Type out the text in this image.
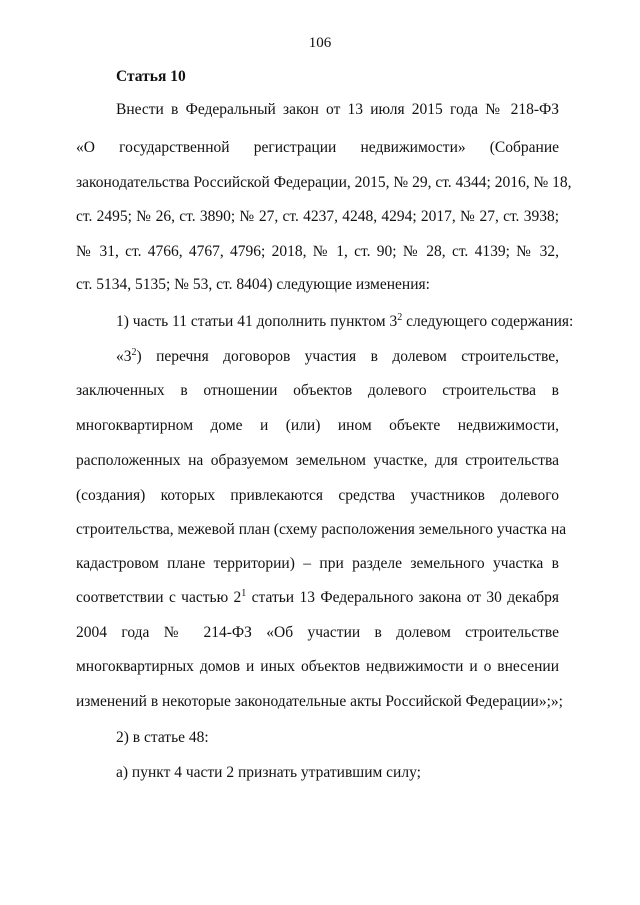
106
Статья 10
Внести в Федеральный закон от 13 июля 2015 года № 218-ФЗ
«О государственной регистрации недвижимости» (Собрание
законодательства Российской Федерации, 2015, № 29, ст. 4344; 2016, № 18,
ст. 2495; № 26, ст. 3890; № 27, ст. 4237, 4248, 4294; 2017, № 27, ст. 3938;
№ 31, ст. 4766, 4767, 4796; 2018, № 1, ст. 90; № 28, ст. 4139; № 32,
ст. 5134, 5135; № 53, ст. 8404) следующие изменения:
1) часть 11 статьи 41 дополнить пунктом $3^2$ следующего содержания:
«$3^2$) перечня договоров участия в долевом строительстве,
заключенных в отношении объектов долевого строительства в
многоквартирном доме и (или) ином объекте недвижимости,
расположенных на образуемом земельном участке, для строительства
(создания) которых привлекаются средства участников долевого
строительства, межевой план (схему расположения земельного участка на
кадастровом плане территории) – при разделе земельного участка в
соответствии с частью $2^1$ статьи 13 Федерального закона от 30 декабря
2004 года № 214-ФЗ «Об участии в долевом строительстве
многоквартирных домов и иных объектов недвижимости и о внесении
изменений в некоторые законодательные акты Российской Федерации»;»;
2) в статье 48:
а) пункт 4 части 2 признать утратившим силу;
